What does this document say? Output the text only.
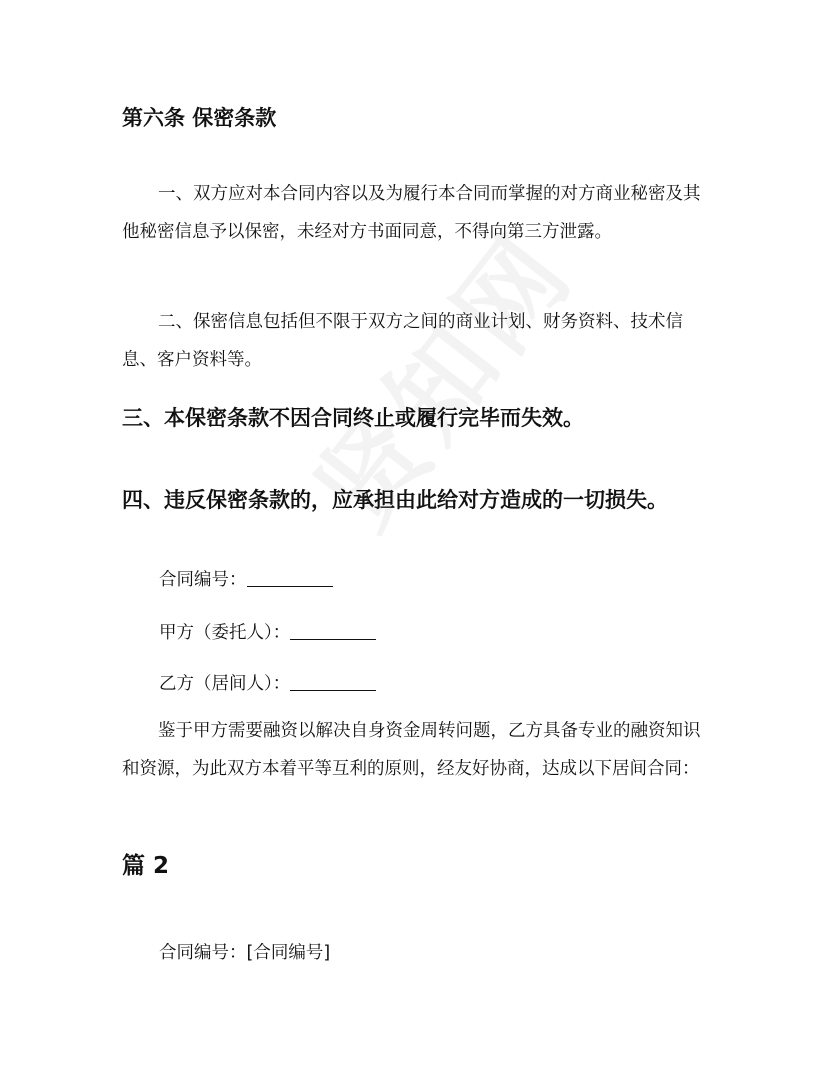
第六条 保密条款

一、双方应对本合同内容以及为履行本合同而掌握的对方商业秘密及其他秘密信息予以保密，未经对方书面同意，不得向第三方泄露。

二、保密信息包括但不限于双方之间的商业计划、财务资料、技术信息、客户资料等。

三、本保密条款不因合同终止或履行完毕而失效。
四、违反保密条款的，应承担由此给对方造成的一切损失。
合同编号：
甲方（委托人）：
乙方（居间人）：

鉴于甲方需要融资以解决自身资金周转问题，乙方具备专业的融资知识和资源，为此双方本着平等互利的原则，经友好协商，达成以下居间合同：

篇 2
合同编号：[合同编号]
